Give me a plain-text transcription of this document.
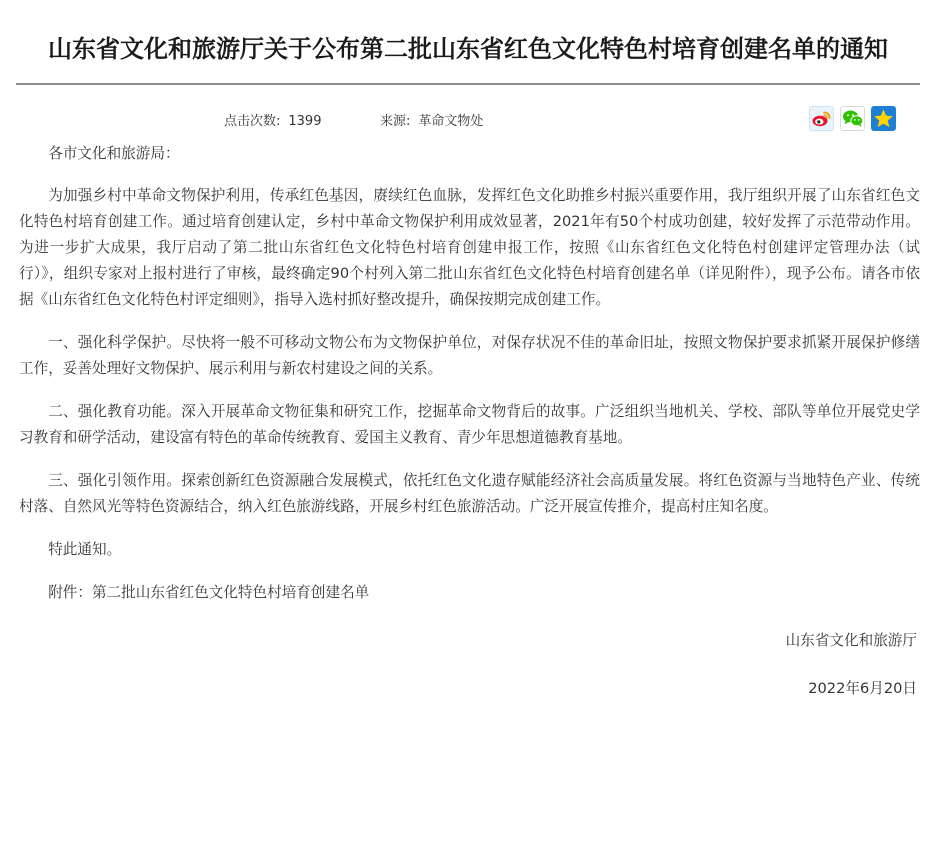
山东省文化和旅游厅关于公布第二批山东省红色文化特色村培育创建名单的通知
点击次数: 1399	来源: 革命文物处

各市文化和旅游局：

为加强乡村中革命文物保护利用，传承红色基因，赓续红色血脉，发挥红色文化助推乡村振兴重要作用，我厅组织开展了山东省红色文化特色村培育创建工作。通过培育创建认定，乡村中革命文物保护利用成效显著，2021年有50个村成功创建，较好发挥了示范带动作用。为进一步扩大成果，我厅启动了第二批山东省红色文化特色村培育创建申报工作，按照《山东省红色文化特色村创建评定管理办法（试行）》，组织专家对上报村进行了审核，最终确定90个村列入第二批山东省红色文化特色村培育创建名单（详见附件），现予公布。请各市依据《山东省红色文化特色村评定细则》，指导入选村抓好整改提升，确保按期完成创建工作。

一、强化科学保护。尽快将一般不可移动文物公布为文物保护单位，对保存状况不佳的革命旧址，按照文物保护要求抓紧开展保护修缮工作，妥善处理好文物保护、展示利用与新农村建设之间的关系。

二、强化教育功能。深入开展革命文物征集和研究工作，挖掘革命文物背后的故事。广泛组织当地机关、学校、部队等单位开展党史学习教育和研学活动，建设富有特色的革命传统教育、爱国主义教育、青少年思想道德教育基地。

三、强化引领作用。探索创新红色资源融合发展模式，依托红色文化遗存赋能经济社会高质量发展。将红色资源与当地特色产业、传统村落、自然风光等特色资源结合，纳入红色旅游线路，开展乡村红色旅游活动。广泛开展宣传推介，提高村庄知名度。

特此通知。

附件：第二批山东省红色文化特色村培育创建名单

山东省文化和旅游厅

2022年6月20日
